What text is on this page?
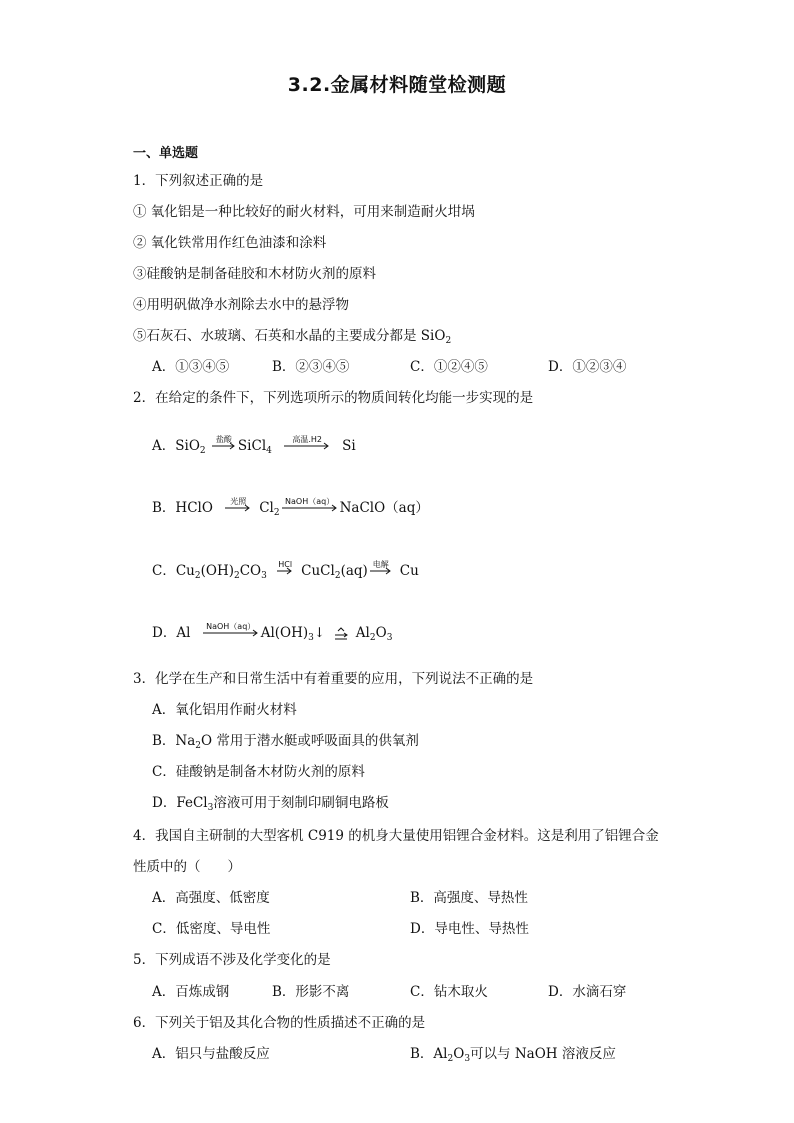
3.2.金属材料随堂检测题
一、单选题
1．下列叙述正确的是
① 氧化铝是一种比较好的耐火材料，可用来制造耐火坩埚
② 氧化铁常用作红色油漆和涂料
③硅酸钠是制备硅胶和木材防火剂的原料
④用明矾做净水剂除去水中的悬浮物
⑤石灰石、水玻璃、石英和水晶的主要成分都是 SiO$_2$
A．①③④⑤	B．②③④⑤	C．①②④⑤	D．①②③④
2．在给定的条件下，下列选项所示的物质间转化均能一步实现的是
A．SiO$_2$
盐酸 SiCl$_4$
高温.H2	Si
B．HClO	光照 $Cl_2$
NaOH（aq） NaClO（aq）
C．$Cu_2(OH)_2CO_3$
HCl CuCl$_2$(aq) 电解 Cu
D．Al	NaOH（aq） $Al(OH)_3↓$ $Al_2O_3$
3．化学在生产和日常生活中有着重要的应用，下列说法不正确的是
A．氧化铝用作耐火材料
B．$Na_2O$ 常用于潜水艇或呼吸面具的供氧剂
C．硅酸钠是制备木材防火剂的原料
D．FeCl$_3$溶液可用于刻制印刷铜电路板
4．我国自主研制的大型客机 C919 的机身大量使用铝锂合金材料。这是利用了铝锂合金
性质中的（　　）
A．高强度、低密度	B．高强度、导热性
C．低密度、导电性	D．导电性、导热性
5．下列成语不涉及化学变化的是
A．百炼成钢	B．形影不离	C．钻木取火	D．水滴石穿
6．下列关于铝及其化合物的性质描述不正确的是
A．铝只与盐酸反应	B．$Al_2O_3$可以与 NaOH 溶液反应
